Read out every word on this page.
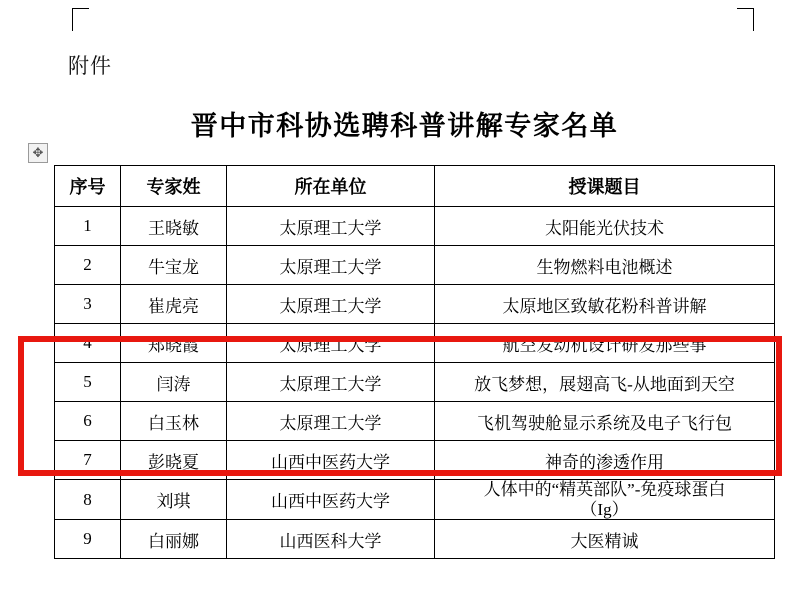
附件
晋中市科协选聘科普讲解专家名单
✥
序号	专家姓	所在单位	授课题目
1	王晓敏	太原理工大学	太阳能光伏技术
2	牛宝龙	太原理工大学	生物燃料电池概述
3	崔虎亮	太原理工大学	太原地区致敏花粉科普讲解
4	郑晓霞	太原理工大学	航空发动机设计研发那些事
5	闫涛	太原理工大学	放飞梦想，展翅高飞-从地面到天空
6	白玉林	太原理工大学	飞机驾驶舱显示系统及电子飞行包
7	彭晓夏	山西中医药大学	神奇的渗透作用
8	刘琪	山西中医药大学	人体中的“精英部队”-免疫球蛋白
（Ig）

9	白丽娜	山西医科大学	大医精诚
